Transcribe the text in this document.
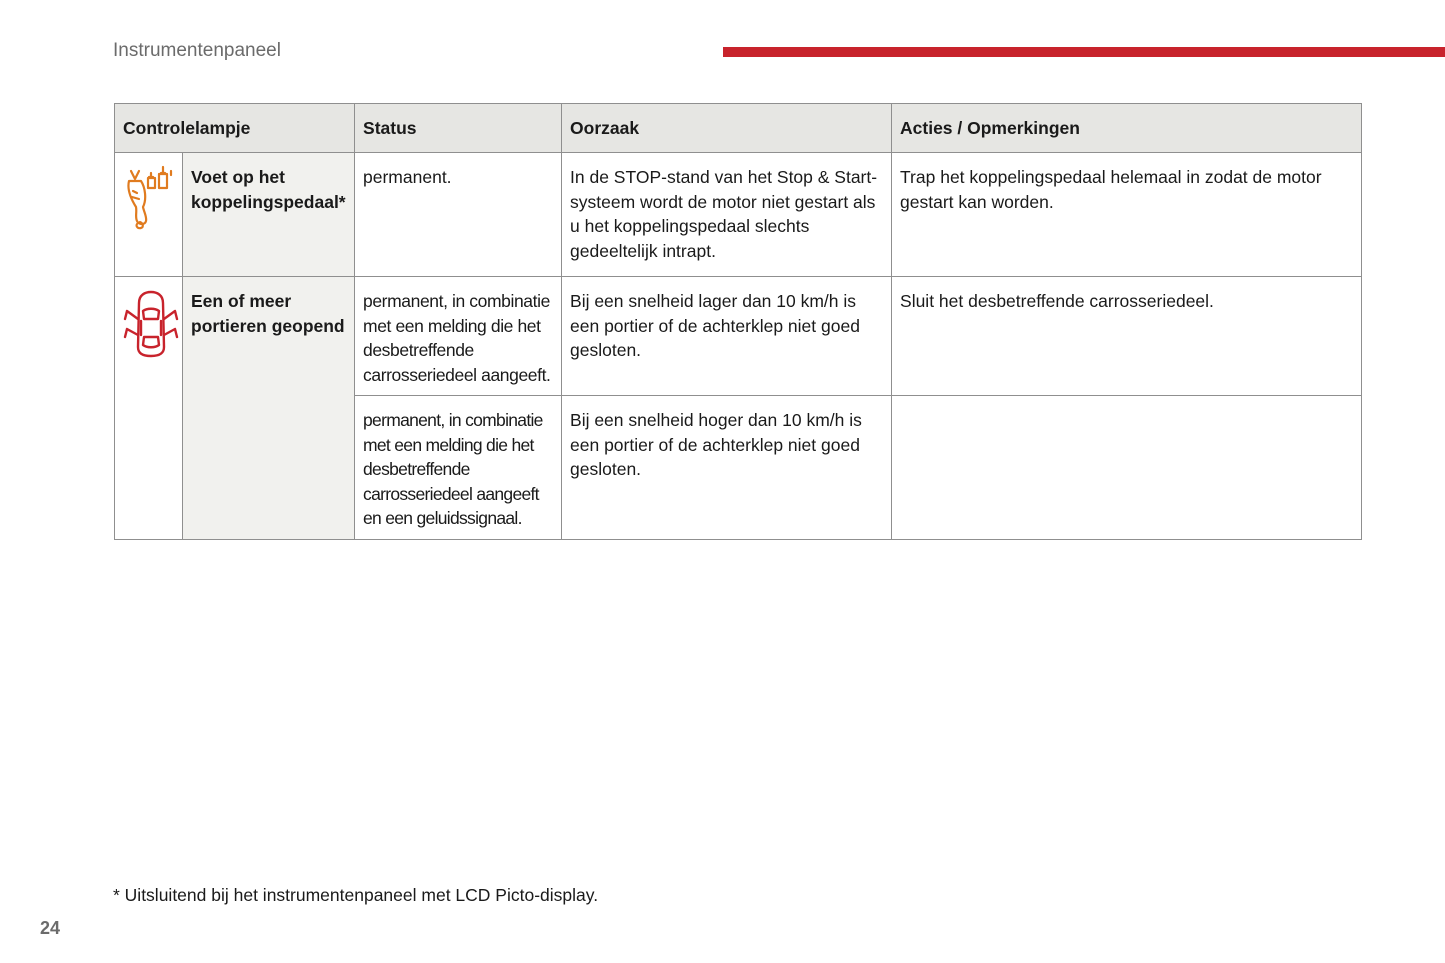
Instrumentenpaneel
Controlelampje		Status	Oorzaak	Acties / Opmerkingen
	Voet op het koppelingspedaal*	permanent.	In de STOP-stand van het Stop & Start-systeem wordt de motor niet gestart als u het koppelingspedaal slechts gedeeltelijk intrapt.	Trap het koppelingspedaal helemaal in zodat de motor gestart kan worden.
	Een of meer portieren geopend	permanent, in combinatie met een melding die het desbetreffende carrosseriedeel aangeeft.	Bij een snelheid lager dan 10 km/h is een portier of de achterklep niet goed gesloten.	Sluit het desbetreffende carrosseriedeel.
		permanent, in combinatie met een melding die het desbetreffende carrosseriedeel aangeeft en een geluidssignaal.	Bij een snelheid hoger dan 10 km/h is een portier of de achterklep niet goed gesloten.	
* Uitsluitend bij het instrumentenpaneel met LCD Picto-display.
24
